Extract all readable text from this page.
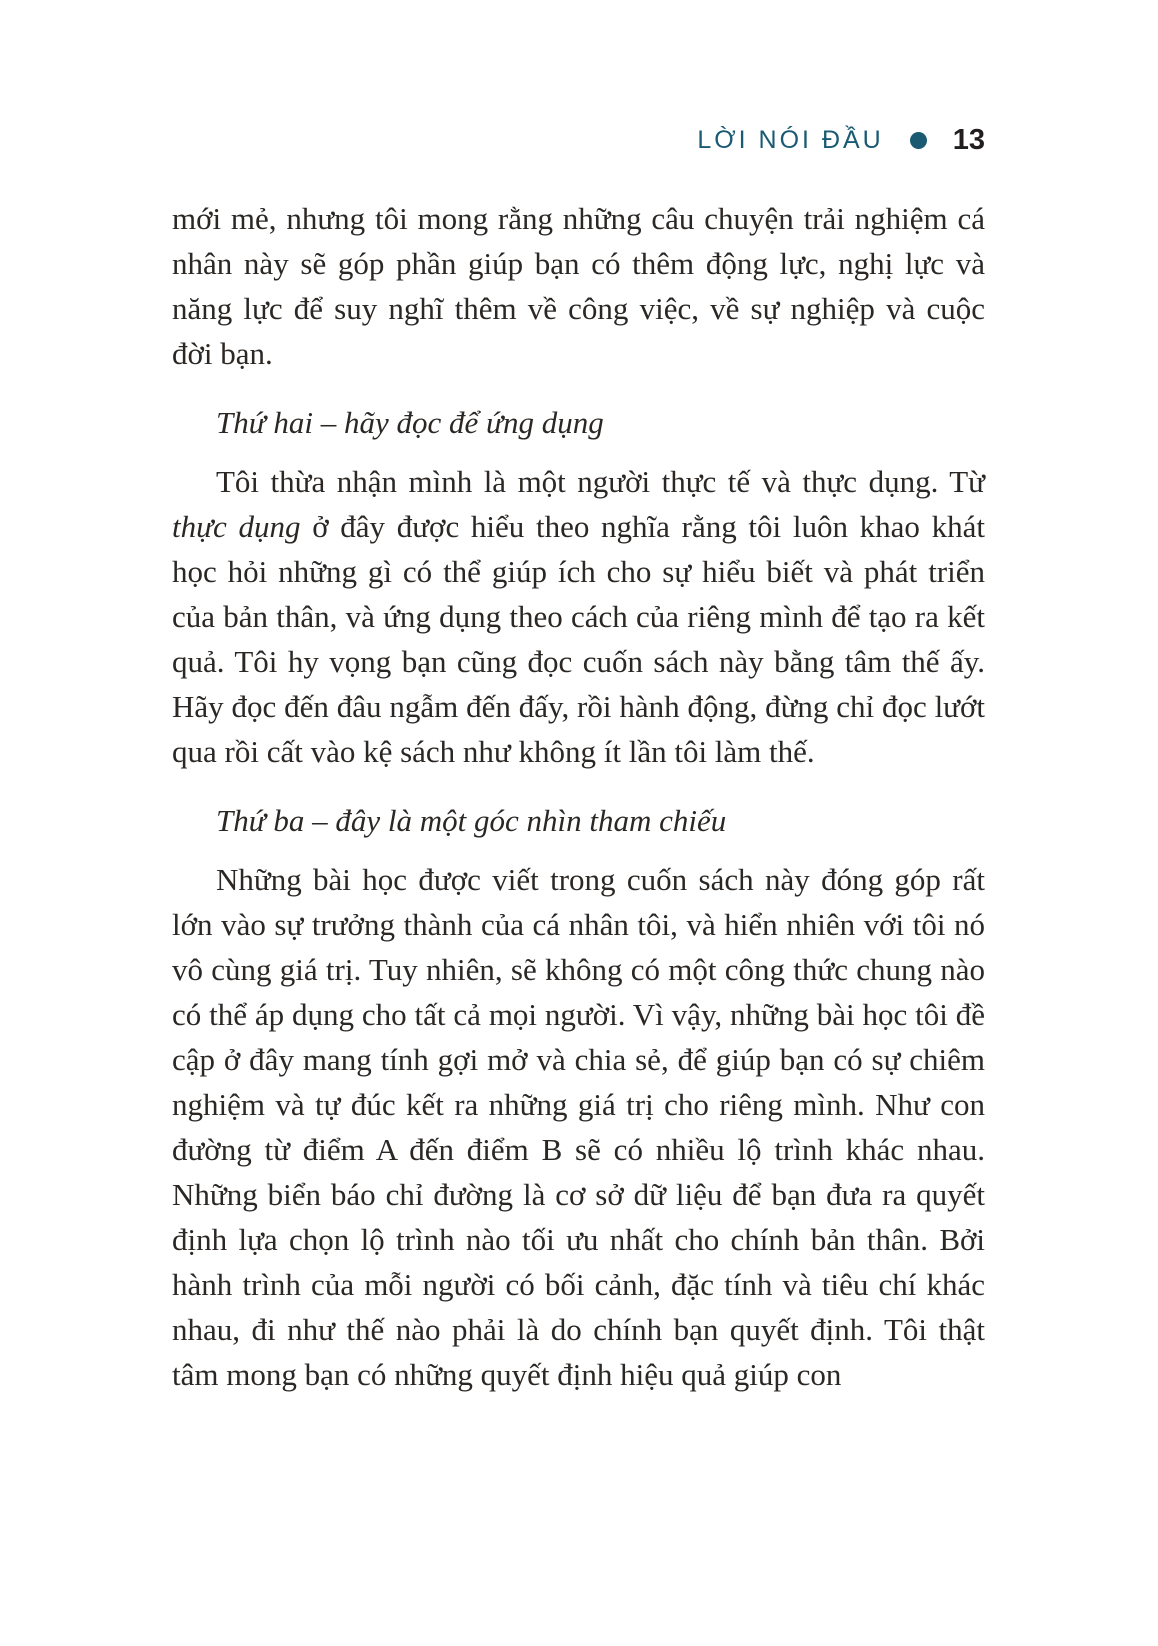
LỜI NÓI ĐẦU 13

mới mẻ, nhưng tôi mong rằng những câu chuyện trải nghiệm cá nhân này sẽ góp phần giúp bạn có thêm động lực, nghị lực và năng lực để suy nghĩ thêm về công việc, về sự nghiệp và cuộc đời bạn.

Thứ hai – hãy đọc để ứng dụng

Tôi thừa nhận mình là một người thực tế và thực dụng. Từ thực dụng ở đây được hiểu theo nghĩa rằng tôi luôn khao khát học hỏi những gì có thể giúp ích cho sự hiểu biết và phát triển của bản thân, và ứng dụng theo cách của riêng mình để tạo ra kết quả. Tôi hy vọng bạn cũng đọc cuốn sách này bằng tâm thế ấy. Hãy đọc đến đâu ngẫm đến đấy, rồi hành động, đừng chỉ đọc lướt qua rồi cất vào kệ sách như không ít lần tôi làm thế.

Thứ ba – đây là một góc nhìn tham chiếu

Những bài học được viết trong cuốn sách này đóng góp rất lớn vào sự trưởng thành của cá nhân tôi, và hiển nhiên với tôi nó vô cùng giá trị. Tuy nhiên, sẽ không có một công thức chung nào có thể áp dụng cho tất cả mọi người. Vì vậy, những bài học tôi đề cập ở đây mang tính gợi mở và chia sẻ, để giúp bạn có sự chiêm nghiệm và tự đúc kết ra những giá trị cho riêng mình. Như con đường từ điểm A đến điểm B sẽ có nhiều lộ trình khác nhau. Những biển báo chỉ đường là cơ sở dữ liệu để bạn đưa ra quyết định lựa chọn lộ trình nào tối ưu nhất cho chính bản thân. Bởi hành trình của mỗi người có bối cảnh, đặc tính và tiêu chí khác nhau, đi như thế nào phải là do chính bạn quyết định. Tôi thật tâm mong bạn có những quyết định hiệu quả giúp con
